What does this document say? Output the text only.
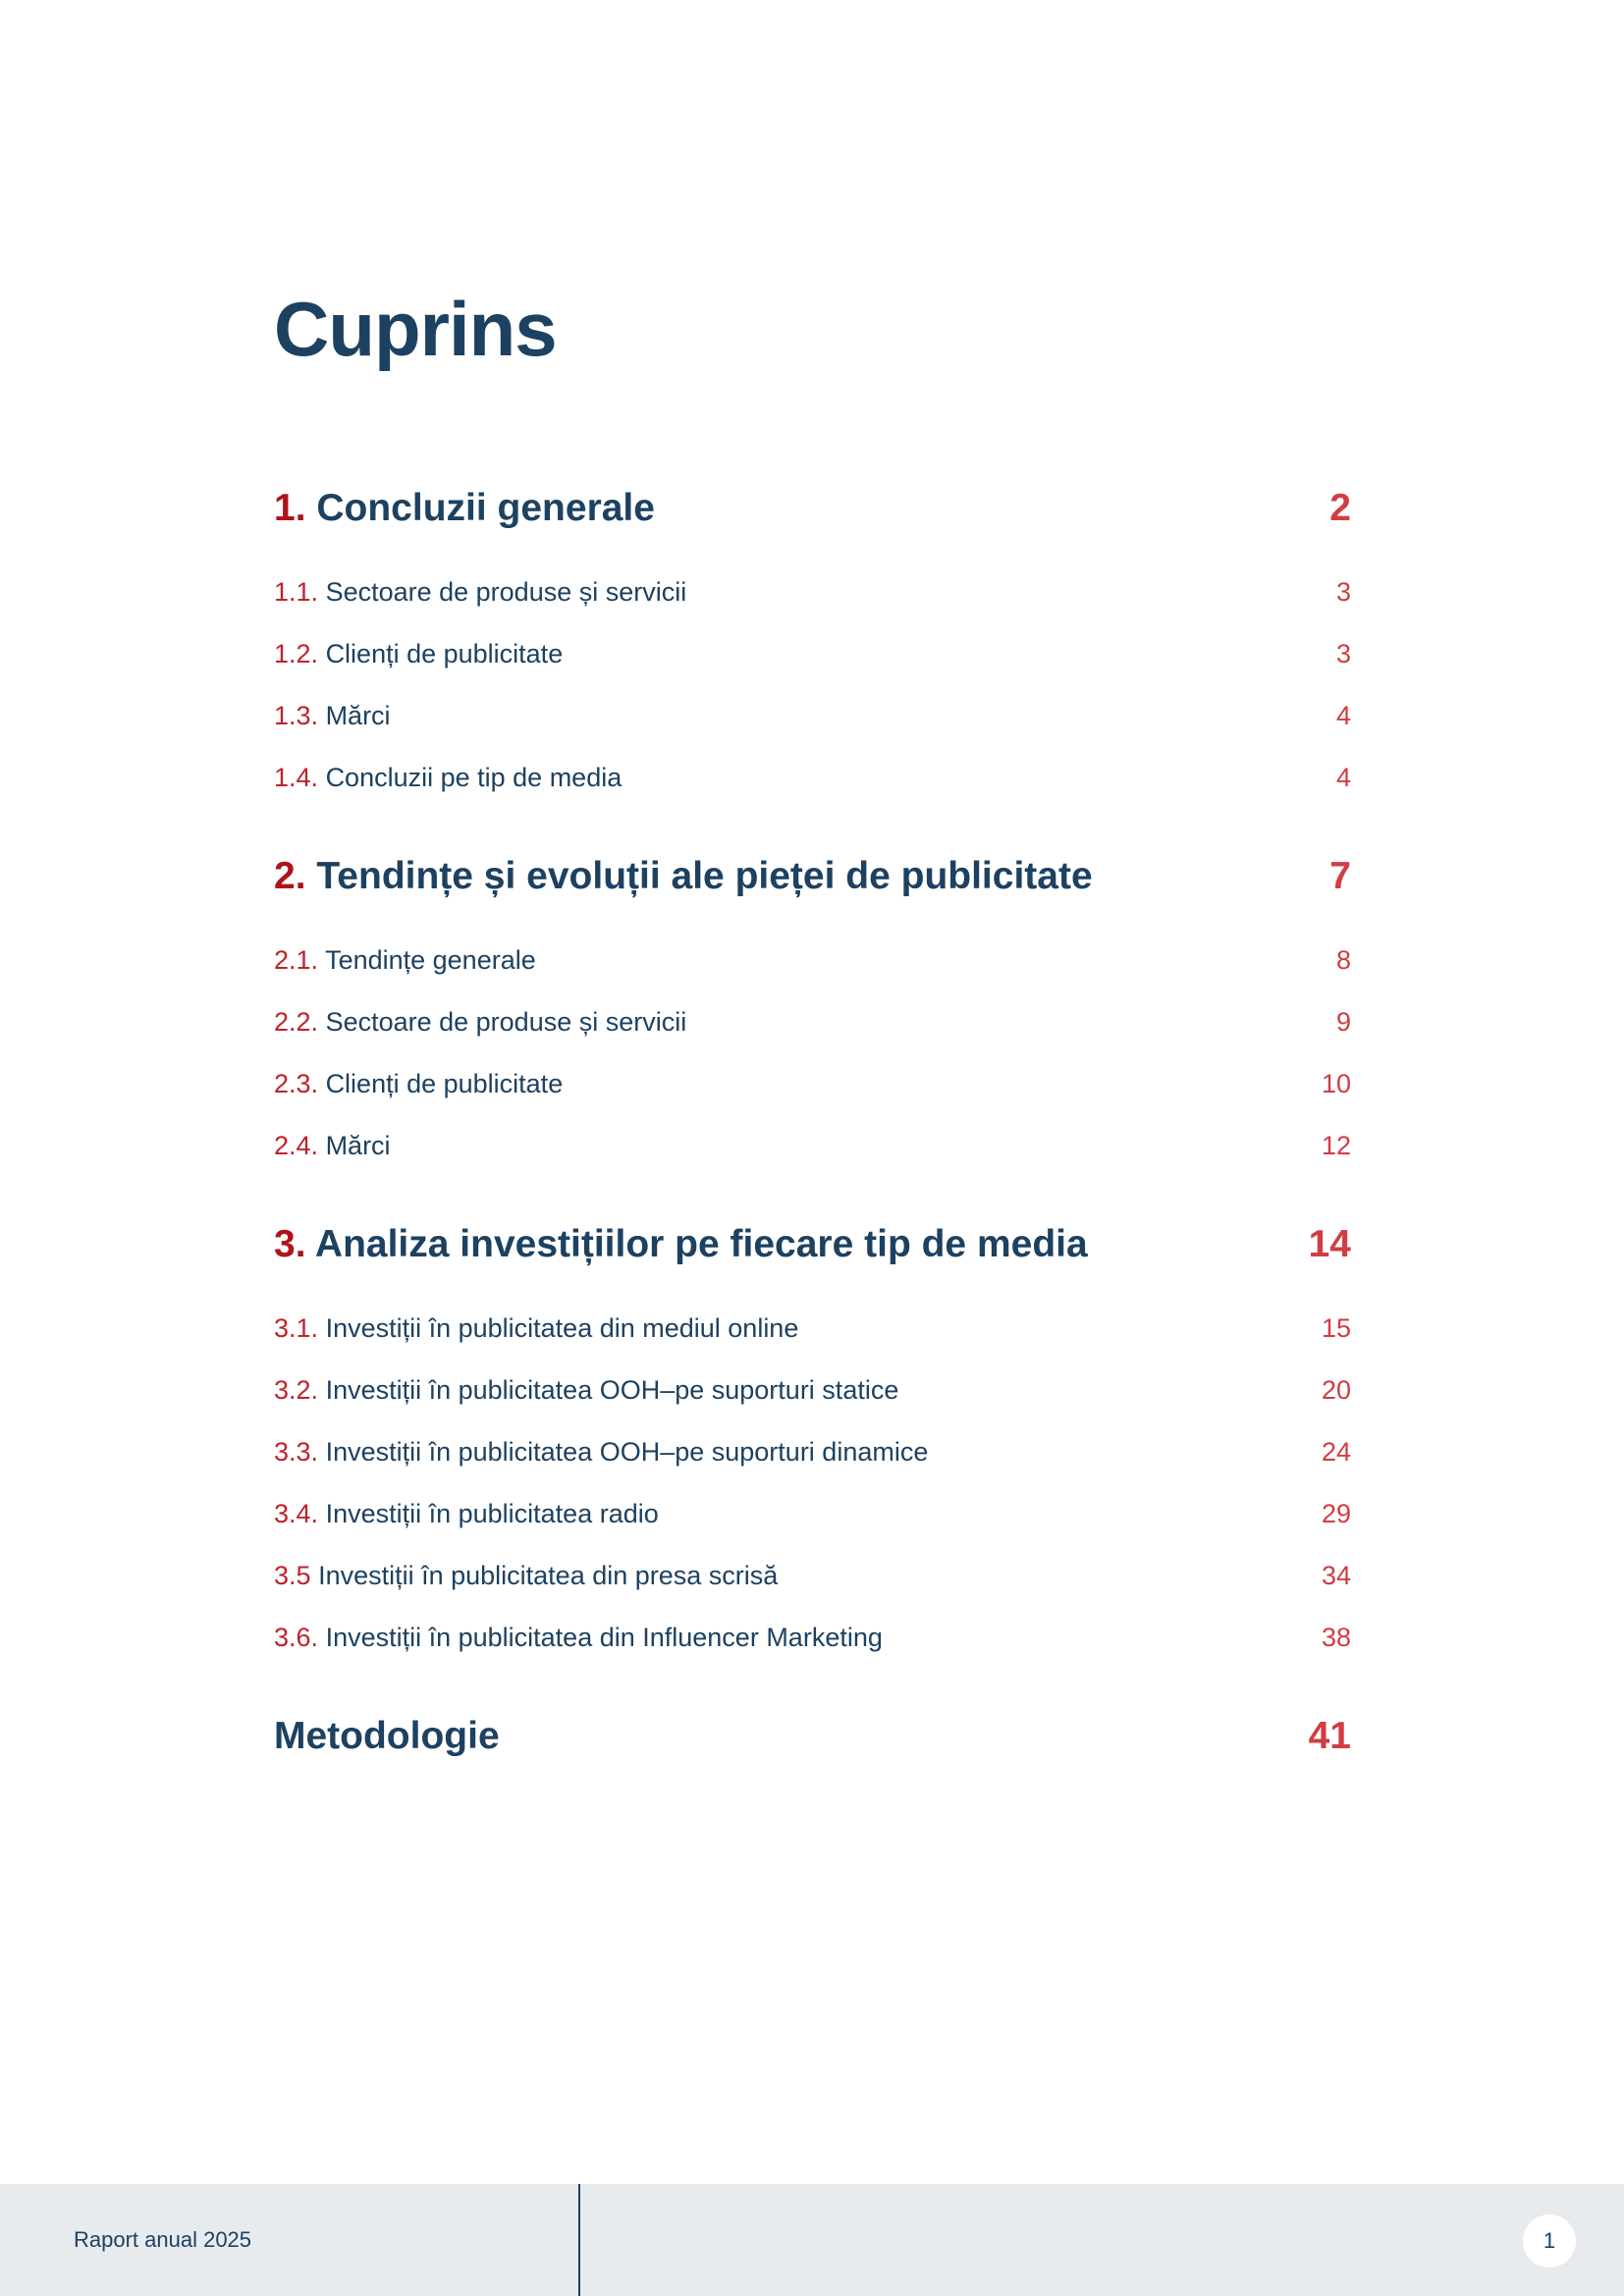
Cuprins
1. Concluzii generale	2
1.1. Sectoare de produse și servicii	3
1.2. Clienți de publicitate	3
1.3. Mărci	4
1.4. Concluzii pe tip de media	4
2. Tendințe și evoluții ale pieței de publicitate	7
2.1. Tendințe generale	8
2.2. Sectoare de produse și servicii	9
2.3. Clienți de publicitate	10
2.4. Mărci	12
3. Analiza investițiilor pe fiecare tip de media	14
3.1. Investiții în publicitatea din mediul online	15
3.2. Investiții în publicitatea OOH–pe suporturi statice	20
3.3. Investiții în publicitatea OOH–pe suporturi dinamice	24
3.4. Investiții în publicitatea radio	29
3.5 Investiții în publicitatea din presa scrisă	34
3.6. Investiții în publicitatea din Influencer Marketing	38
Metodologie	41
Raport anual 2025	1
